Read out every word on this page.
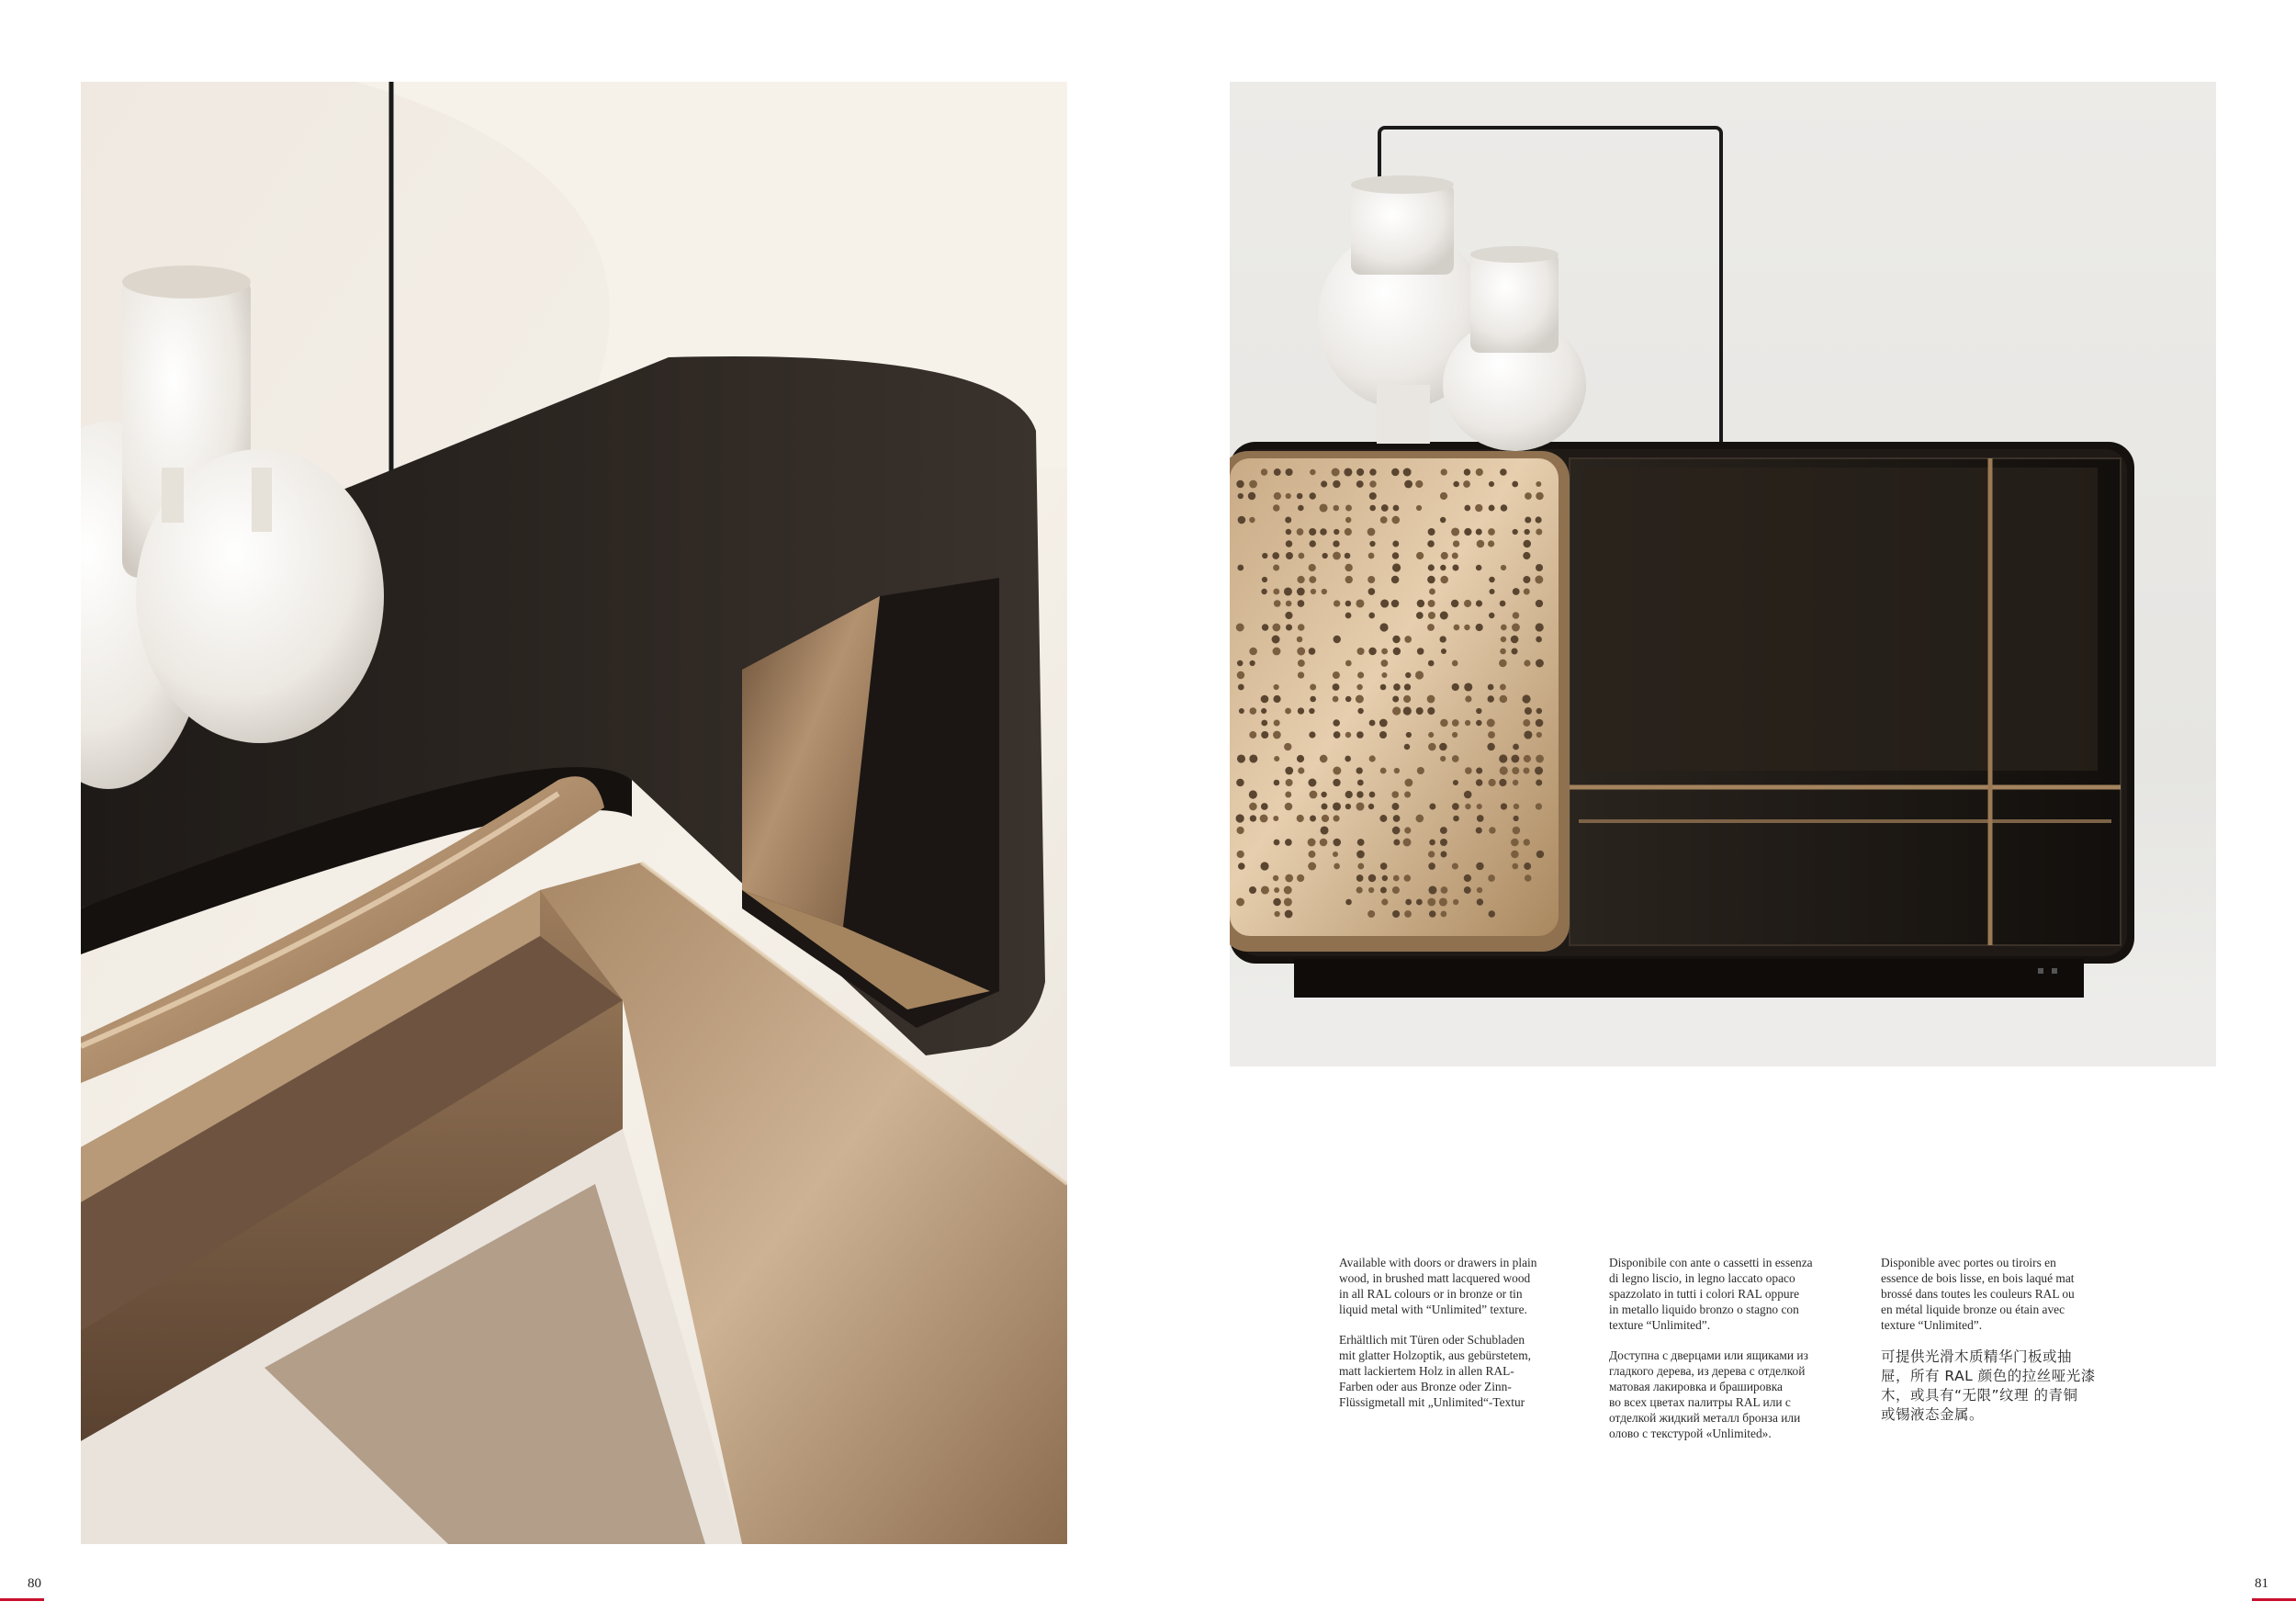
Available with doors or drawers in plain
wood, in brushed matt lacquered wood
in all RAL colours or in bronze or tin
liquid metal with “Unlimited” texture.

Erhältlich mit Türen oder Schubladen
mit glatter Holzoptik, aus gebürstetem,
matt lackiertem Holz in allen RAL-
Farben oder aus Bronze oder Zinn-
Flüssigmetall mit „Unlimited“-Textur

Disponibile con ante o cassetti in essenza
di legno liscio, in legno laccato opaco
spazzolato in tutti i colori RAL oppure
in metallo liquido bronzo o stagno con
texture “Unlimited”.

Доступна с дверцами или ящиками из
гладкого дерева, из дерева с отделкой
матовая лакировка и браширoвка
во всех цветах палитры RAL или с
отделкой жидкий металл бронза или
олово с текстурой «Unlimited».

Disponible avec portes ou tiroirs en
essence de bois lisse, en bois laqué mat
brossé dans toutes les couleurs RAL ou
en métal liquide bronze ou étain avec
texture “Unlimited”.

可提供光滑木质精华门板或抽
屉，所有 RAL 颜色的拉丝哑光漆
木，或具有“无限”纹理 的青铜
或锡液态金属。

80	81
